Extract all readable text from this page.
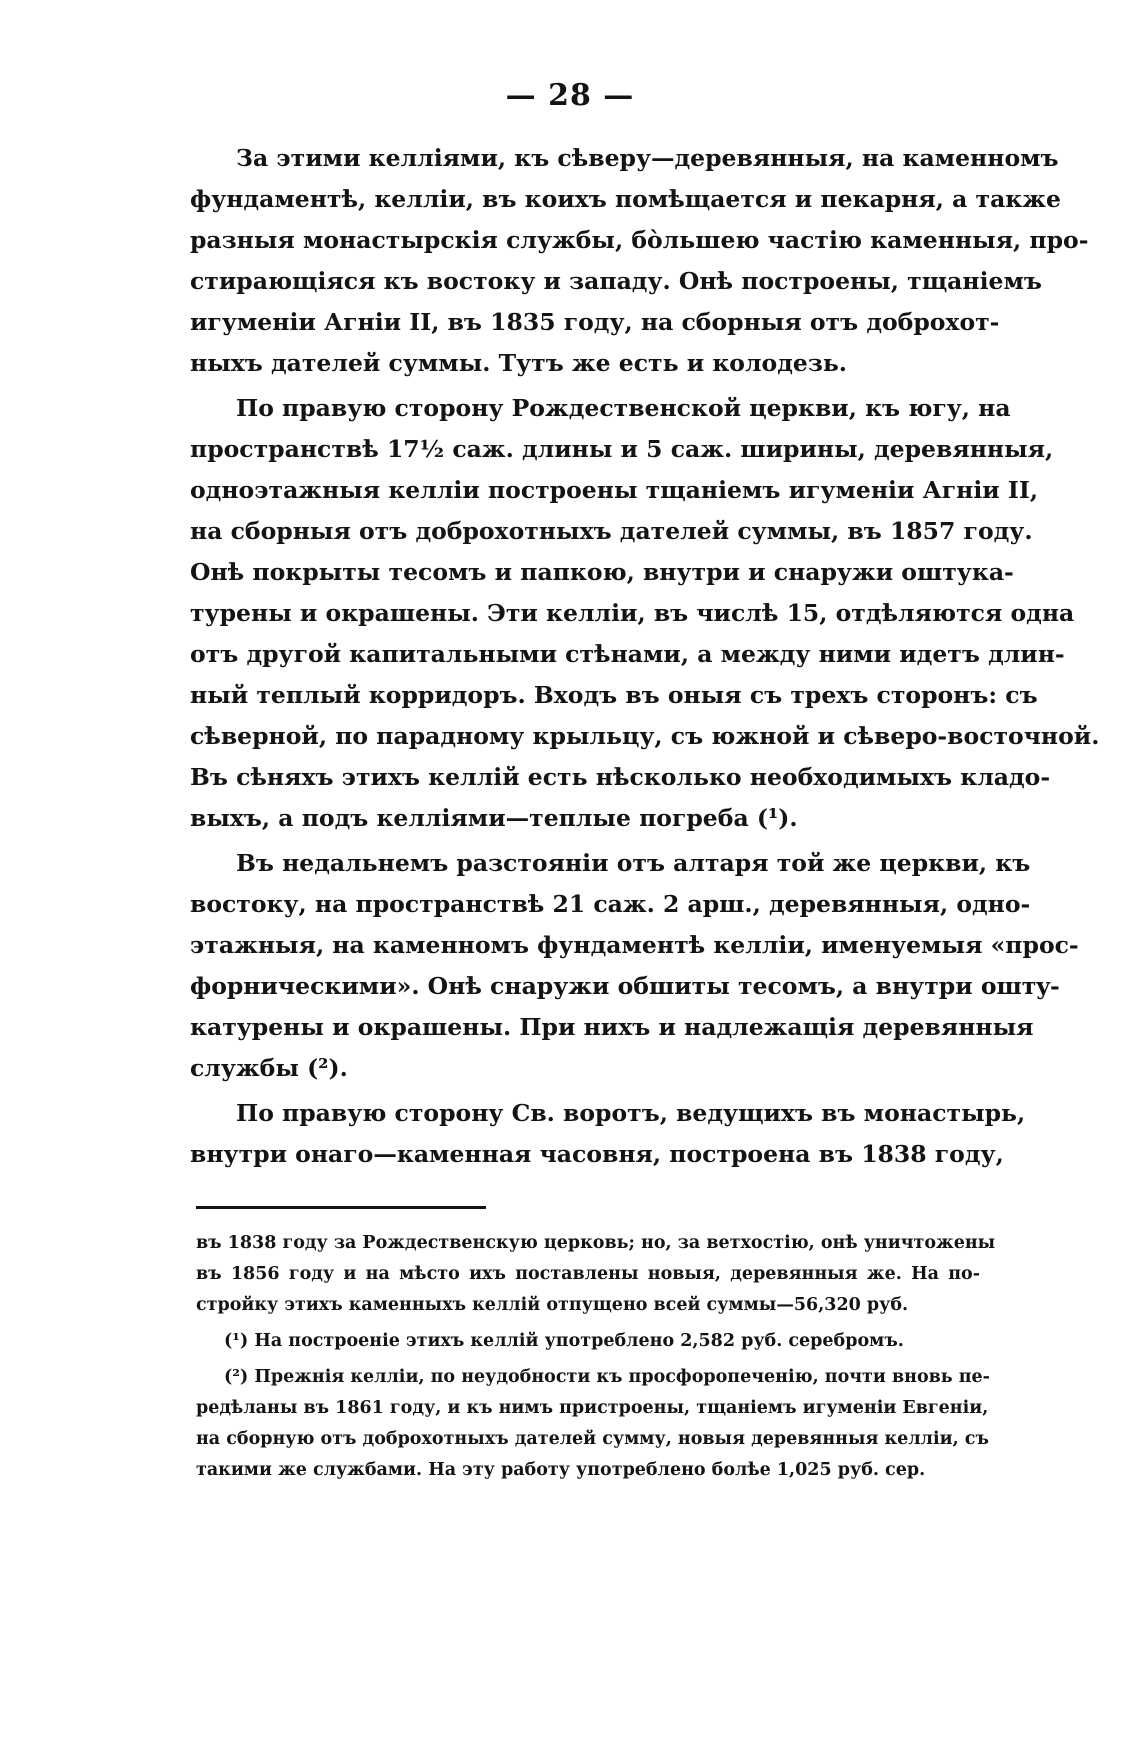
— 28 —
За этими келліями, къ сѣверу—деревянныя, на каменномъ
фундаментѣ, келліи, въ коихъ помѣщается и пекарня, а также
разныя монастырскія службы, бо̀льшею частію каменныя, про-
стирающіяся къ востоку и западу. Онѣ построены, тщаніемъ
игуменіи Агніи II, въ 1835 году, на сборныя отъ доброхот-
ныхъ дателей суммы. Тутъ же есть и колодезь.
По правую сторону Рождественской церкви, къ югу, на
пространствѣ 17½ саж. длины и 5 саж. ширины, деревянныя,
одноэтажныя келліи построены тщаніемъ игуменіи Агніи II,
на сборныя отъ доброхотныхъ дателей суммы, въ 1857 году.
Онѣ покрыты тесомъ и папкою, внутри и снаружи оштука-
турены и окрашены. Эти келліи, въ числѣ 15, отдѣляются одна
отъ другой капитальными стѣнами, а между ними идетъ длин-
ный теплый корридоръ. Входъ въ оныя съ трехъ сторонъ: съ
сѣверной, по парадному крыльцу, съ южной и сѣверо-восточной.
Въ сѣняхъ этихъ келлій есть нѣсколько необходимыхъ кладо-
выхъ, а подъ келліями—теплые погреба (¹).
Въ недальнемъ разстояніи отъ алтаря той же церкви, къ
востоку, на пространствѣ 21 саж. 2 арш., деревянныя, одно-
этажныя, на каменномъ фундаментѣ келліи, именуемыя «прос-
форническими». Онѣ снаружи обшиты тесомъ, а внутри оштy-
катурены и окрашены. При нихъ и надлежащія деревянныя
службы (²).
По правую сторону Св. воротъ, ведущихъ въ монастырь,
внутри онаго—каменная часовня, построена въ 1838 году,
въ 1838 году за Рождественскую церковь; но, за ветхостію, онѣ уничтожены
въ 1856 году и на мѣсто ихъ поставлены новыя, деревянныя же. На по-
стройку этихъ каменныхъ келлій отпущено всей суммы—56,320 руб.
(¹) На построеніе этихъ келлій употреблено 2,582 руб. серебромъ.
(²) Прежнія келліи, по неудобности къ просфоропеченію, почти вновь пе-
редѣланы въ 1861 году, и къ нимъ пристроены, тщаніемъ игуменіи Евгеніи,
на сборную отъ доброхотныхъ дателей сумму, новыя деревянныя келліи, съ
такими же службами. На эту работу употреблено болѣе 1,025 руб. сер.
